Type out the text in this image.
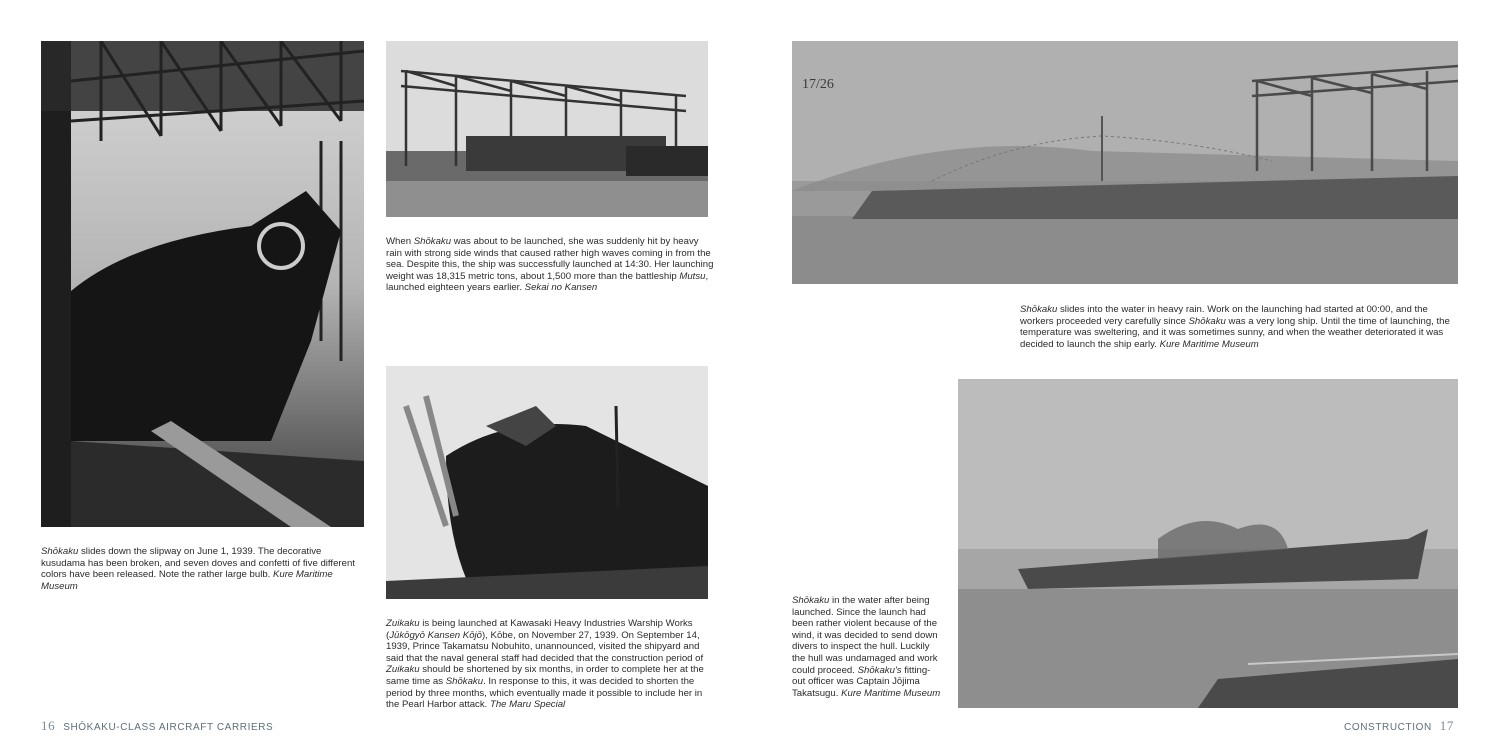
Shōkaku slides down the slipway on June 1, 1939. The decorative kusudama has been broken, and seven doves and confetti of five different colors have been released. Note the rather large bulb. Kure Maritime Museum

When Shōkaku was about to be launched, she was suddenly hit by heavy rain with strong side winds that caused rather high waves coming in from the sea. Despite this, the ship was successfully launched at 14:30. Her launching weight was 18,315 metric tons, about 1,500 more than the battleship Mutsu, launched eighteen years earlier. Sekai no Kansen

Zuikaku is being launched at Kawasaki Heavy Industries Warship Works (Jūkōgyō Kansen Kōjō), Kōbe, on November 27, 1939. On September 14, 1939, Prince Takamatsu Nobuhito, unannounced, visited the shipyard and said that the naval general staff had decided that the construction period of Zuikaku should be shortened by six months, in order to complete her at the same time as Shōkaku. In response to this, it was decided to shorten the period by three months, which eventually made it possible to include her in the Pearl Harbor attack. The Maru Special

16 SHŌKAKU-CLASS AIRCRAFT CARRIERS
17/26

Shōkaku slides into the water in heavy rain. Work on the launching had started at 00:00, and the workers proceeded very carefully since Shōkaku was a very long ship. Until the time of launching, the temperature was sweltering, and it was sometimes sunny, and when the weather deteriorated it was decided to launch the ship early. Kure Maritime Museum

Shōkaku in the water after being launched. Since the launch had been rather violent because of the wind, it was decided to send down divers to inspect the hull. Luckily the hull was undamaged and work could proceed. Shōkaku's fitting-out officer was Captain Jōjima Takatsugu. Kure Maritime Museum

CONSTRUCTION 17
